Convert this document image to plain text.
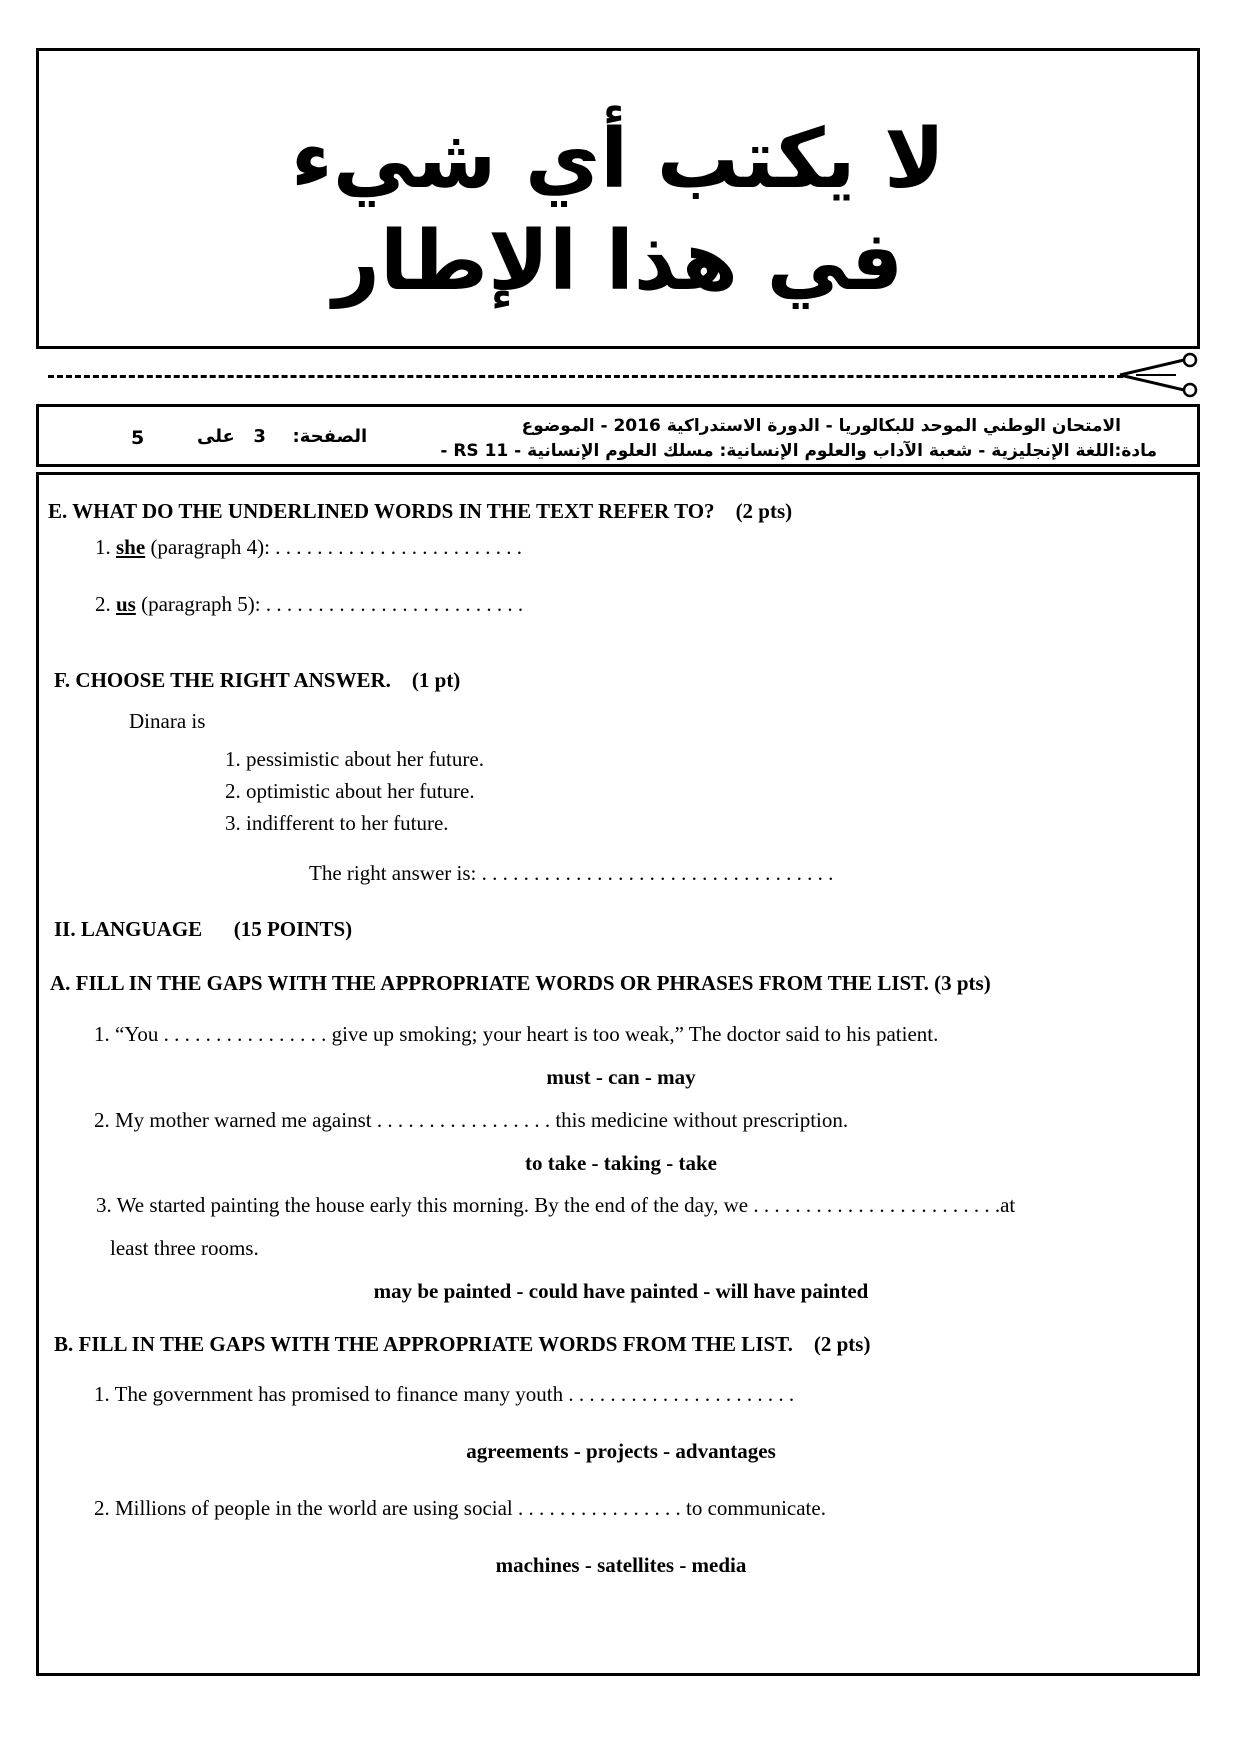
لا يكتب أي شيء
في هذا الإطار
الامتحان الوطني الموحد للبكالوريا - الدورة الاستدراكية 2016 - الموضوع
مادة:اللغة الإنجليزية - شعبة الآداب والعلوم الإنسانية: مسلك العلوم الإنسانية - RS 11 -
5	الصفحة:  3  على
E. WHAT DO THE UNDERLINED WORDS IN THE TEXT REFER TO? (2 pts)
1. she (paragraph 4): . . . . . . . . . . . . . . . . . . . . . . . .
2. us (paragraph 5): . . . . . . . . . . . . . . . . . . . . . . . . .
F. CHOOSE THE RIGHT ANSWER. (1 pt)
Dinara is
1. pessimistic about her future.
2. optimistic about her future.
3. indifferent to her future.
The right answer is: . . . . . . . . . . . . . . . . . . . . . . . . . . . . . . . . . .
II. LANGUAGE (15 POINTS)
A. FILL IN THE GAPS WITH THE APPROPRIATE WORDS OR PHRASES FROM THE LIST. (3 pts)
1. “You . . . . . . . . . . . . . . . . give up smoking; your heart is too weak,” The doctor said to his patient.
must - can - may
2. My mother warned me against . . . . . . . . . . . . . . . . . this medicine without prescription.
to take - taking - take
3. We started painting the house early this morning. By the end of the day, we . . . . . . . . . . . . . . . . . . . . . . . .at
least three rooms.
may be painted - could have painted - will have painted
B. FILL IN THE GAPS WITH THE APPROPRIATE WORDS FROM THE LIST. (2 pts)
1. The government has promised to finance many youth . . . . . . . . . . . . . . . . . . . . . .
agreements - projects - advantages
2. Millions of people in the world are using social . . . . . . . . . . . . . . . . to communicate.
machines - satellites - media
